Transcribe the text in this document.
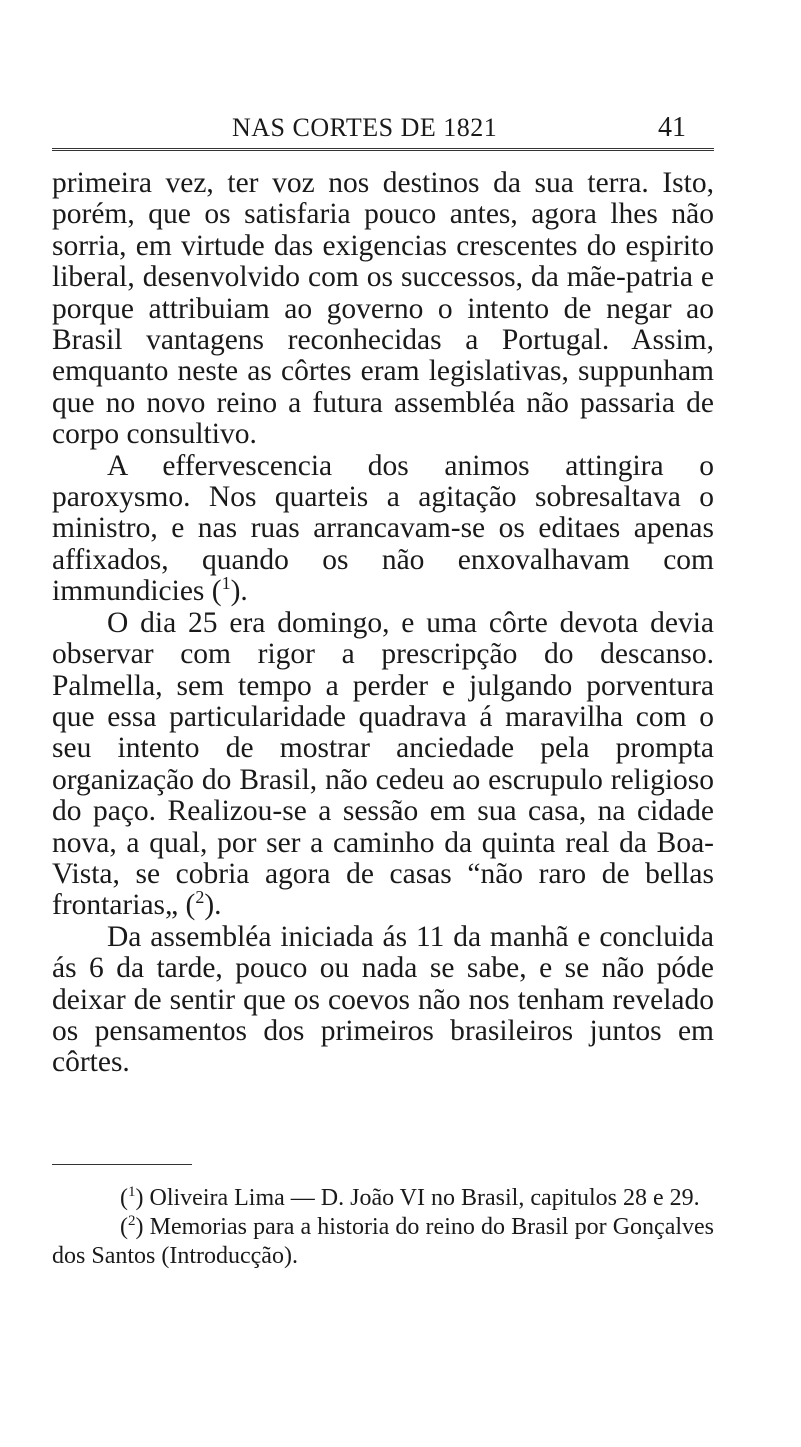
NAS CORTES DE 1821	41

primeira vez, ter voz nos destinos da sua terra. Isto, porém, que os satisfaria pouco antes, agora lhes não sorria, em virtude das exigencias crescentes do espirito liberal, desenvolvido com os successos, da mãe-patria e porque attribuiam ao governo o intento de negar ao Brasil vantagens reconhecidas a Portugal. Assim, emquanto neste as côrtes eram legislativas, suppunham que no novo reino a futura assembléa não passaria de corpo consultivo.

A effervescencia dos animos attingira o paroxysmo. Nos quarteis a agitação sobresaltava o ministro, e nas ruas arrancavam-se os editaes apenas affixados, quando os não enxovalhavam com immundicies ($^1$).

O dia 25 era domingo, e uma côrte devota devia observar com rigor a prescripção do descanso. Palmella, sem tempo a perder e julgando porventura que essa particularidade quadrava á maravilha com o seu intento de mostrar anciedade pela prompta organização do Brasil, não cedeu ao escrupulo religioso do paço. Realizou-se a sessão em sua casa, na cidade nova, a qual, por ser a caminho da quinta real da Boa-Vista, se cobria agora de casas “não raro de bellas frontarias„ ($^2$).

Da assembléa iniciada ás 11 da manhã e concluida ás 6 da tarde, pouco ou nada se sabe, e se não póde deixar de sentir que os coevos não nos tenham revelado os pensamentos dos primeiros brasileiros juntos em côrtes.

($^1$) Oliveira Lima — D. João VI no Brasil, capitulos 28 e 29.

($^2$) Memorias para a historia do reino do Brasil por Gonçalves dos Santos (Introducção).
